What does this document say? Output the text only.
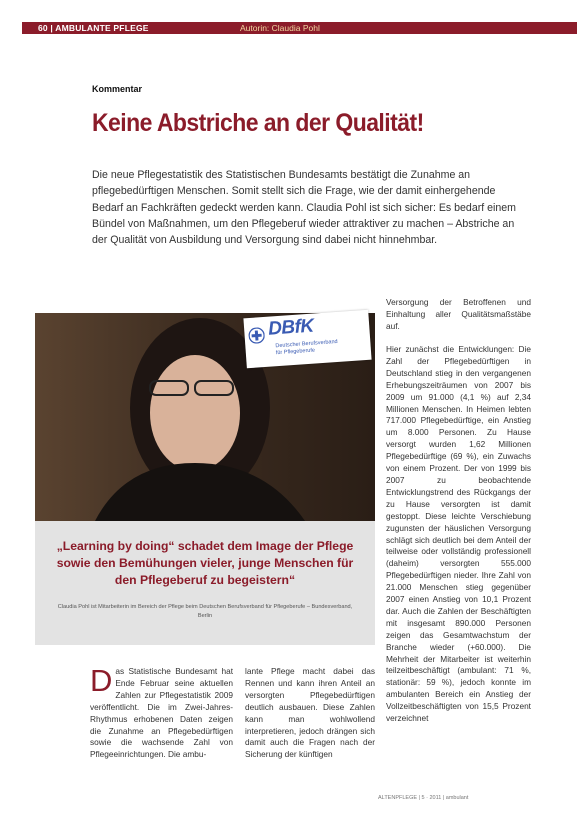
60 | AMBULANTE PFLEGE	Autorin: Claudia Pohl
Kommentar
Keine Abstriche an der Qualität!
Die neue Pflegestatistik des Statistischen Bundesamts bestätigt die Zunahme an pflegebedürftigen Menschen. Somit stellt sich die Frage, wie der damit einhergehende Bedarf an Fachkräften gedeckt werden kann. Claudia Pohl ist sich sicher: Es bedarf einem Bündel von Maßnahmen, um den Pflegeberuf wieder attraktiver zu machen – Abstriche an der Qualität von Ausbildung und Versorgung sind dabei nicht hinnehmbar.
DBfK
Deutscher Berufsverband
für Pflegeberufe
„Learning by doing“ schadet dem Image der Pflege sowie den Bemühungen vieler, junge Menschen für den Pflegeberuf zu begeistern“
Claudia Pohl ist Mitarbeiterin im Bereich der Pflege beim Deutschen Berufsverband für Pflegeberufe – Bundesverband, Berlin
Versorgung der Betroffenen und Einhaltung aller Qualitätsmaßstäbe auf.
Hier zunächst die Entwicklungen: Die Zahl der Pflegebedürftigen in Deutschland stieg in den vergangenen Erhebungszeiträumen von 2007 bis 2009 um 91.000 (4,1 %) auf 2,34 Millionen Menschen. In Heimen lebten 717.000 Pflegebedürftige, ein Anstieg um 8.000 Personen. Zu Hause versorgt wurden 1,62 Millionen Pflegebedürftige (69 %), ein Zuwachs von einem Prozent. Der von 1999 bis 2007 zu beobachtende Entwicklungstrend des Rückgangs der zu Hause versorgten ist damit gestoppt. Diese leichte Verschiebung zugunsten der häuslichen Versorgung schlägt sich deutlich bei dem Anteil der teilweise oder vollständig professionell (daheim) versorgten 555.000 Pflegebedürftigen nieder. Ihre Zahl von 21.000 Menschen stieg gegenüber 2007 einen Anstieg von 10,1 Prozent dar. Auch die Zahlen der Beschäftigten mit insgesamt 890.000 Personen zeigen das Gesamtwachstum der Branche wieder (+60.000). Die Mehrheit der Mitarbeiter ist weiterhin teilzeitbeschäftigt (ambulant: 71 %, stationär: 59 %), jedoch konnte im ambulanten Bereich ein Anstieg der Vollzeitbeschäftigten von 15,5 Prozent verzeichnet
D as Statistische Bundesamt hat Ende Februar seine aktuellen Zahlen zur Pflegestatistik 2009 veröffentlicht. Die im Zwei-Jahres-Rhythmus erhobenen Daten zeigen die Zunahme an Pflegebedürftigen sowie die wachsende Zahl von Pflegeeinrichtungen. Die ambu-
lante Pflege macht dabei das Rennen und kann ihren Anteil an versorgten Pflegebedürftigen deutlich ausbauen. Diese Zahlen kann man wohlwollend interpretieren, jedoch drängen sich damit auch die Fragen nach der Sicherung der künftigen
ALTENPFLEGE | 5 · 2011 | ambulant
